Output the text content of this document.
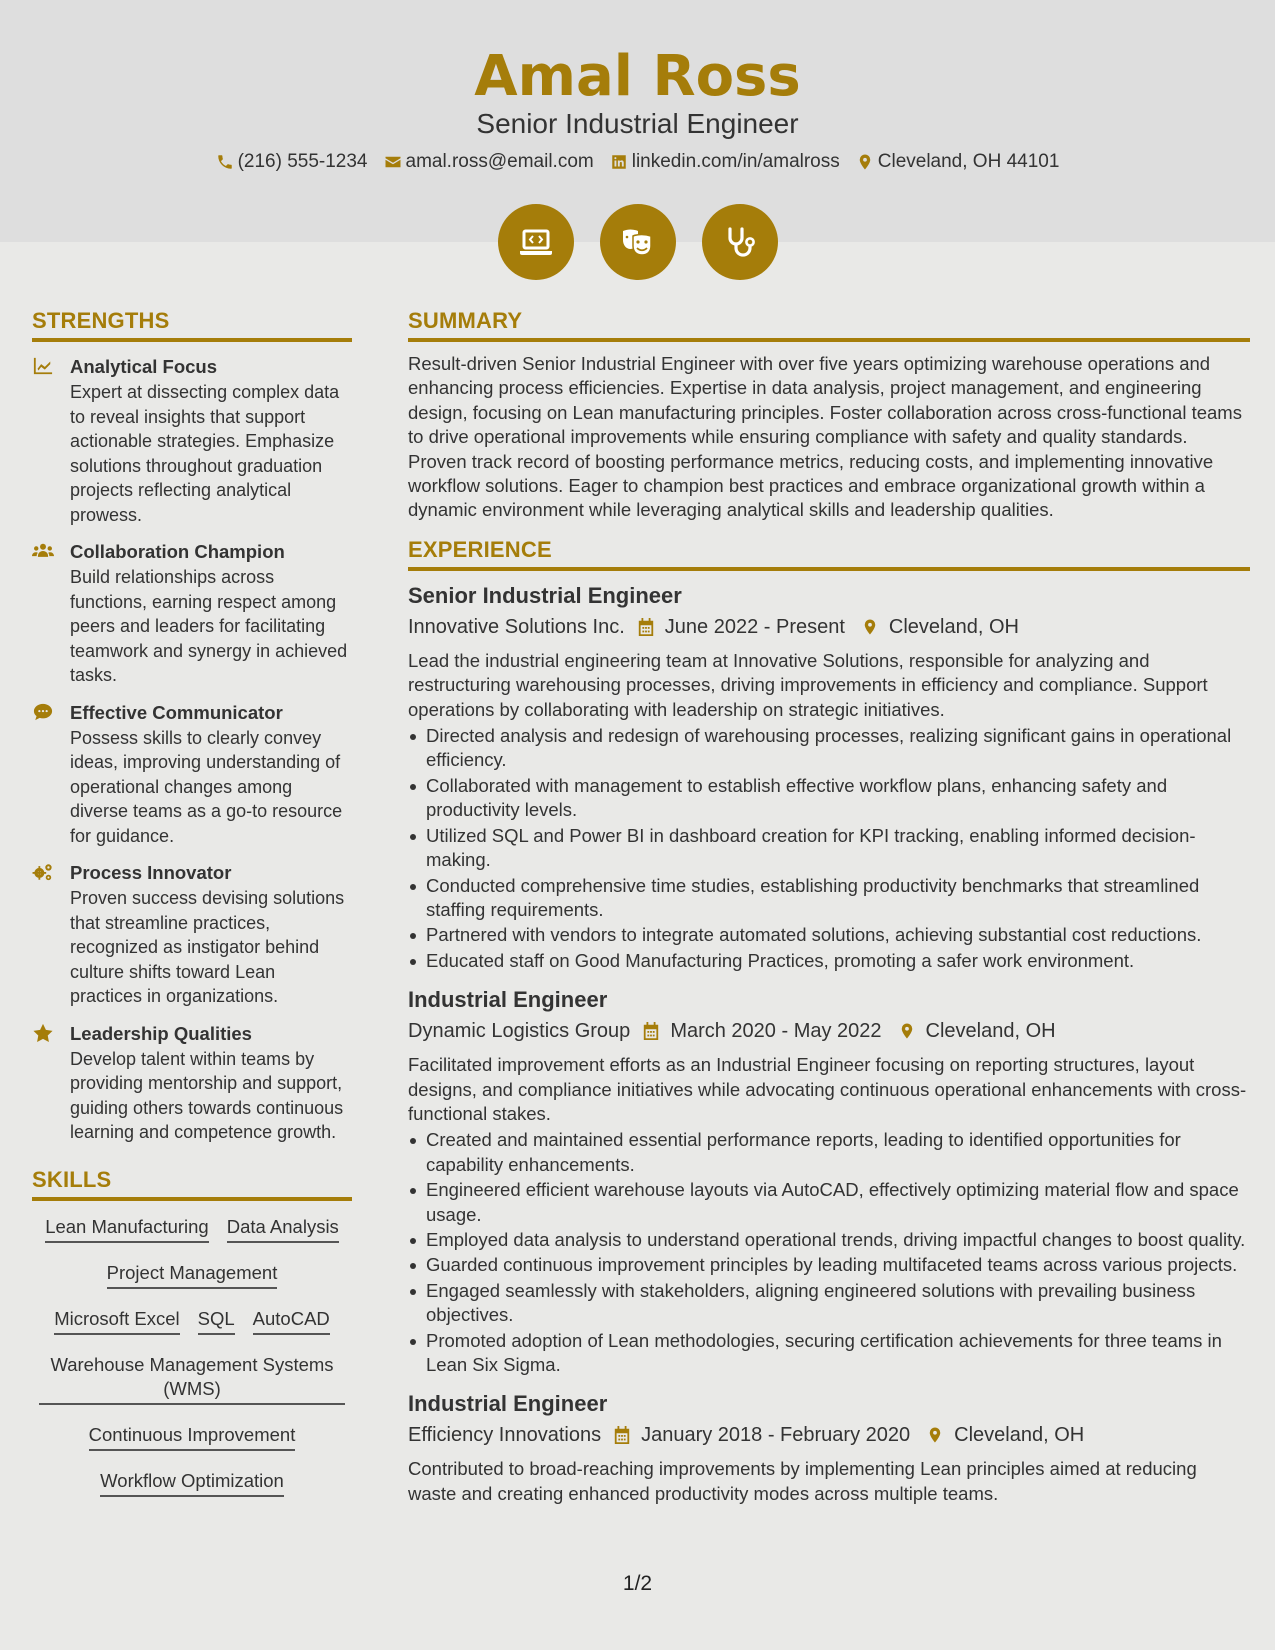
Amal Ross
Senior Industrial Engineer
(216) 555-1234 amal.ross@email.com linkedin.com/in/amalross Cleveland, OH 44101
STRENGTHS
Analytical Focus
Expert at dissecting complex data to reveal insights that support actionable strategies. Emphasize solutions throughout graduation projects reflecting analytical prowess.
Collaboration Champion
Build relationships across functions, earning respect among peers and leaders for facilitating teamwork and synergy in achieved tasks.
Effective Communicator
Possess skills to clearly convey ideas, improving understanding of operational changes among diverse teams as a go-to resource for guidance.
Process Innovator
Proven success devising solutions that streamline practices, recognized as instigator behind culture shifts toward Lean practices in organizations.
Leadership Qualities
Develop talent within teams by providing mentorship and support, guiding others towards continuous learning and competence growth.
SKILLS
Lean Manufacturing Data Analysis
Project Management
Microsoft Excel SQL AutoCAD
Warehouse Management Systems (WMS)
Continuous Improvement
Workflow Optimization
SUMMARY
Result-driven Senior Industrial Engineer with over five years optimizing warehouse operations and enhancing process efficiencies. Expertise in data analysis, project management, and engineering design, focusing on Lean manufacturing principles. Foster collaboration across cross-functional teams to drive operational improvements while ensuring compliance with safety and quality standards. Proven track record of boosting performance metrics, reducing costs, and implementing innovative workflow solutions. Eager to champion best practices and embrace organizational growth within a dynamic environment while leveraging analytical skills and leadership qualities.
EXPERIENCE
Senior Industrial Engineer
Innovative Solutions Inc. June 2022 - Present Cleveland, OH
Lead the industrial engineering team at Innovative Solutions, responsible for analyzing and restructuring warehousing processes, driving improvements in efficiency and compliance. Support operations by collaborating with leadership on strategic initiatives.
Directed analysis and redesign of warehousing processes, realizing significant gains in operational efficiency.
Collaborated with management to establish effective workflow plans, enhancing safety and productivity levels.
Utilized SQL and Power BI in dashboard creation for KPI tracking, enabling informed decision-making.
Conducted comprehensive time studies, establishing productivity benchmarks that streamlined staffing requirements.
Partnered with vendors to integrate automated solutions, achieving substantial cost reductions.
Educated staff on Good Manufacturing Practices, promoting a safer work environment.
Industrial Engineer
Dynamic Logistics Group March 2020 - May 2022 Cleveland, OH
Facilitated improvement efforts as an Industrial Engineer focusing on reporting structures, layout designs, and compliance initiatives while advocating continuous operational enhancements with cross-functional stakes.
Created and maintained essential performance reports, leading to identified opportunities for capability enhancements.
Engineered efficient warehouse layouts via AutoCAD, effectively optimizing material flow and space usage.
Employed data analysis to understand operational trends, driving impactful changes to boost quality.
Guarded continuous improvement principles by leading multifaceted teams across various projects.
Engaged seamlessly with stakeholders, aligning engineered solutions with prevailing business objectives.
Promoted adoption of Lean methodologies, securing certification achievements for three teams in Lean Six Sigma.
Industrial Engineer
Efficiency Innovations January 2018 - February 2020 Cleveland, OH
Contributed to broad-reaching improvements by implementing Lean principles aimed at reducing waste and creating enhanced productivity modes across multiple teams.
1/2
